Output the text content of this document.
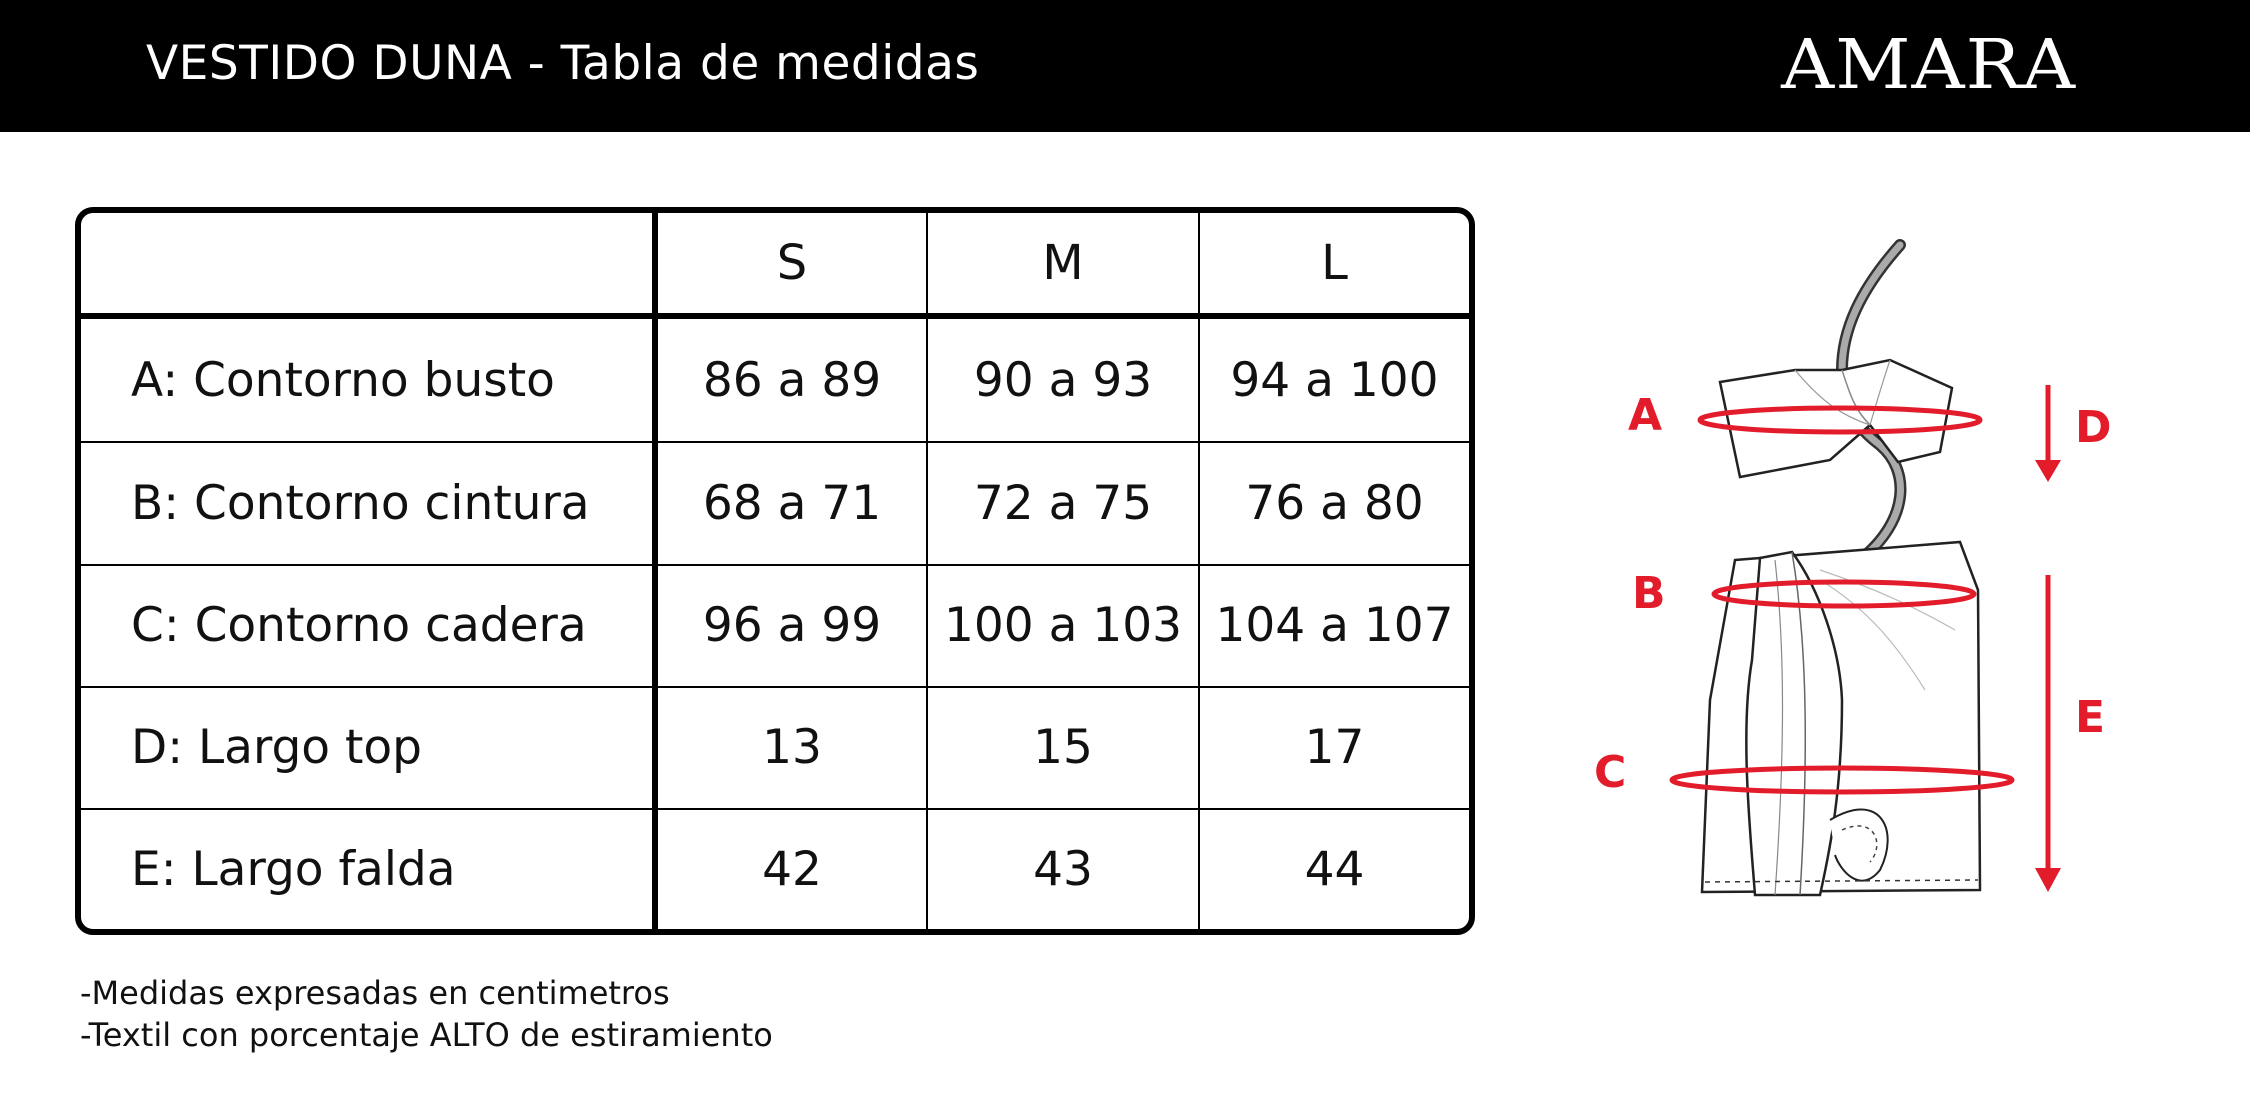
VESTIDO DUNA - Tabla de medidas	AMARA
	S	M	L
A: Contorno busto	86 a 89	90 a 93	94 a 100
B: Contorno cintura	68 a 71	72 a 75	76 a 80
C: Contorno cadera	96 a 99	100 a 103	104 a 107
D: Largo top	13	15	17
E: Largo falda	42	43	44
-Medidas expresadas en centimetros
-Textil con porcentaje ALTO de estiramiento
A
B
C
D
E
